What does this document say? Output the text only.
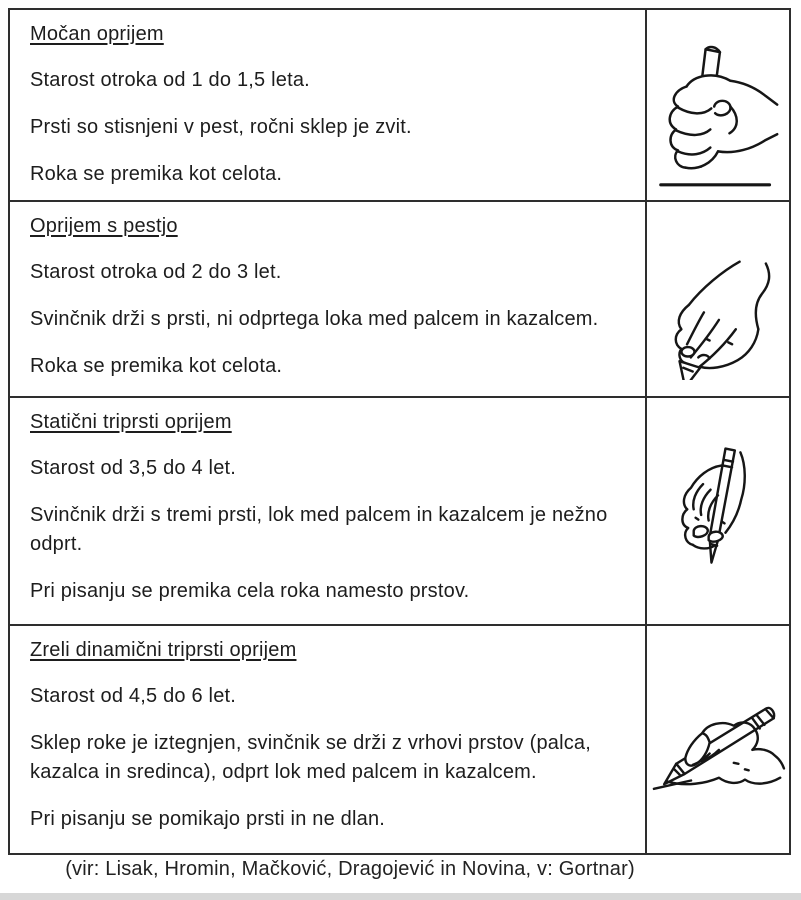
Močan oprijem
Starost otroka od 1 do 1,5 leta.
Prsti so stisnjeni v pest, ročni sklep je zvit.
Roka se premika kot celota.
Oprijem s pestjo
Starost otroka od 2 do 3 let.
Svinčnik drži s prsti, ni odprtega loka med palcem in kazalcem.
Roka se premika kot celota.
Statični triprsti oprijem
Starost od 3,5 do 4 let.
Svinčnik drži s tremi prsti, lok med palcem in kazalcem je nežno odprt.
Pri pisanju se premika cela roka namesto prstov.
Zreli dinamični triprsti oprijem
Starost od 4,5 do 6 let.
Sklep roke je iztegnjen, svinčnik se drži z vrhovi prstov (palca, kazalca in sredinca), odprt lok med palcem in kazalcem.
Pri pisanju se pomikajo prsti in ne dlan.
(vir: Lisak, Hromin, Mačković, Dragojević in Novina, v: Gortnar)
